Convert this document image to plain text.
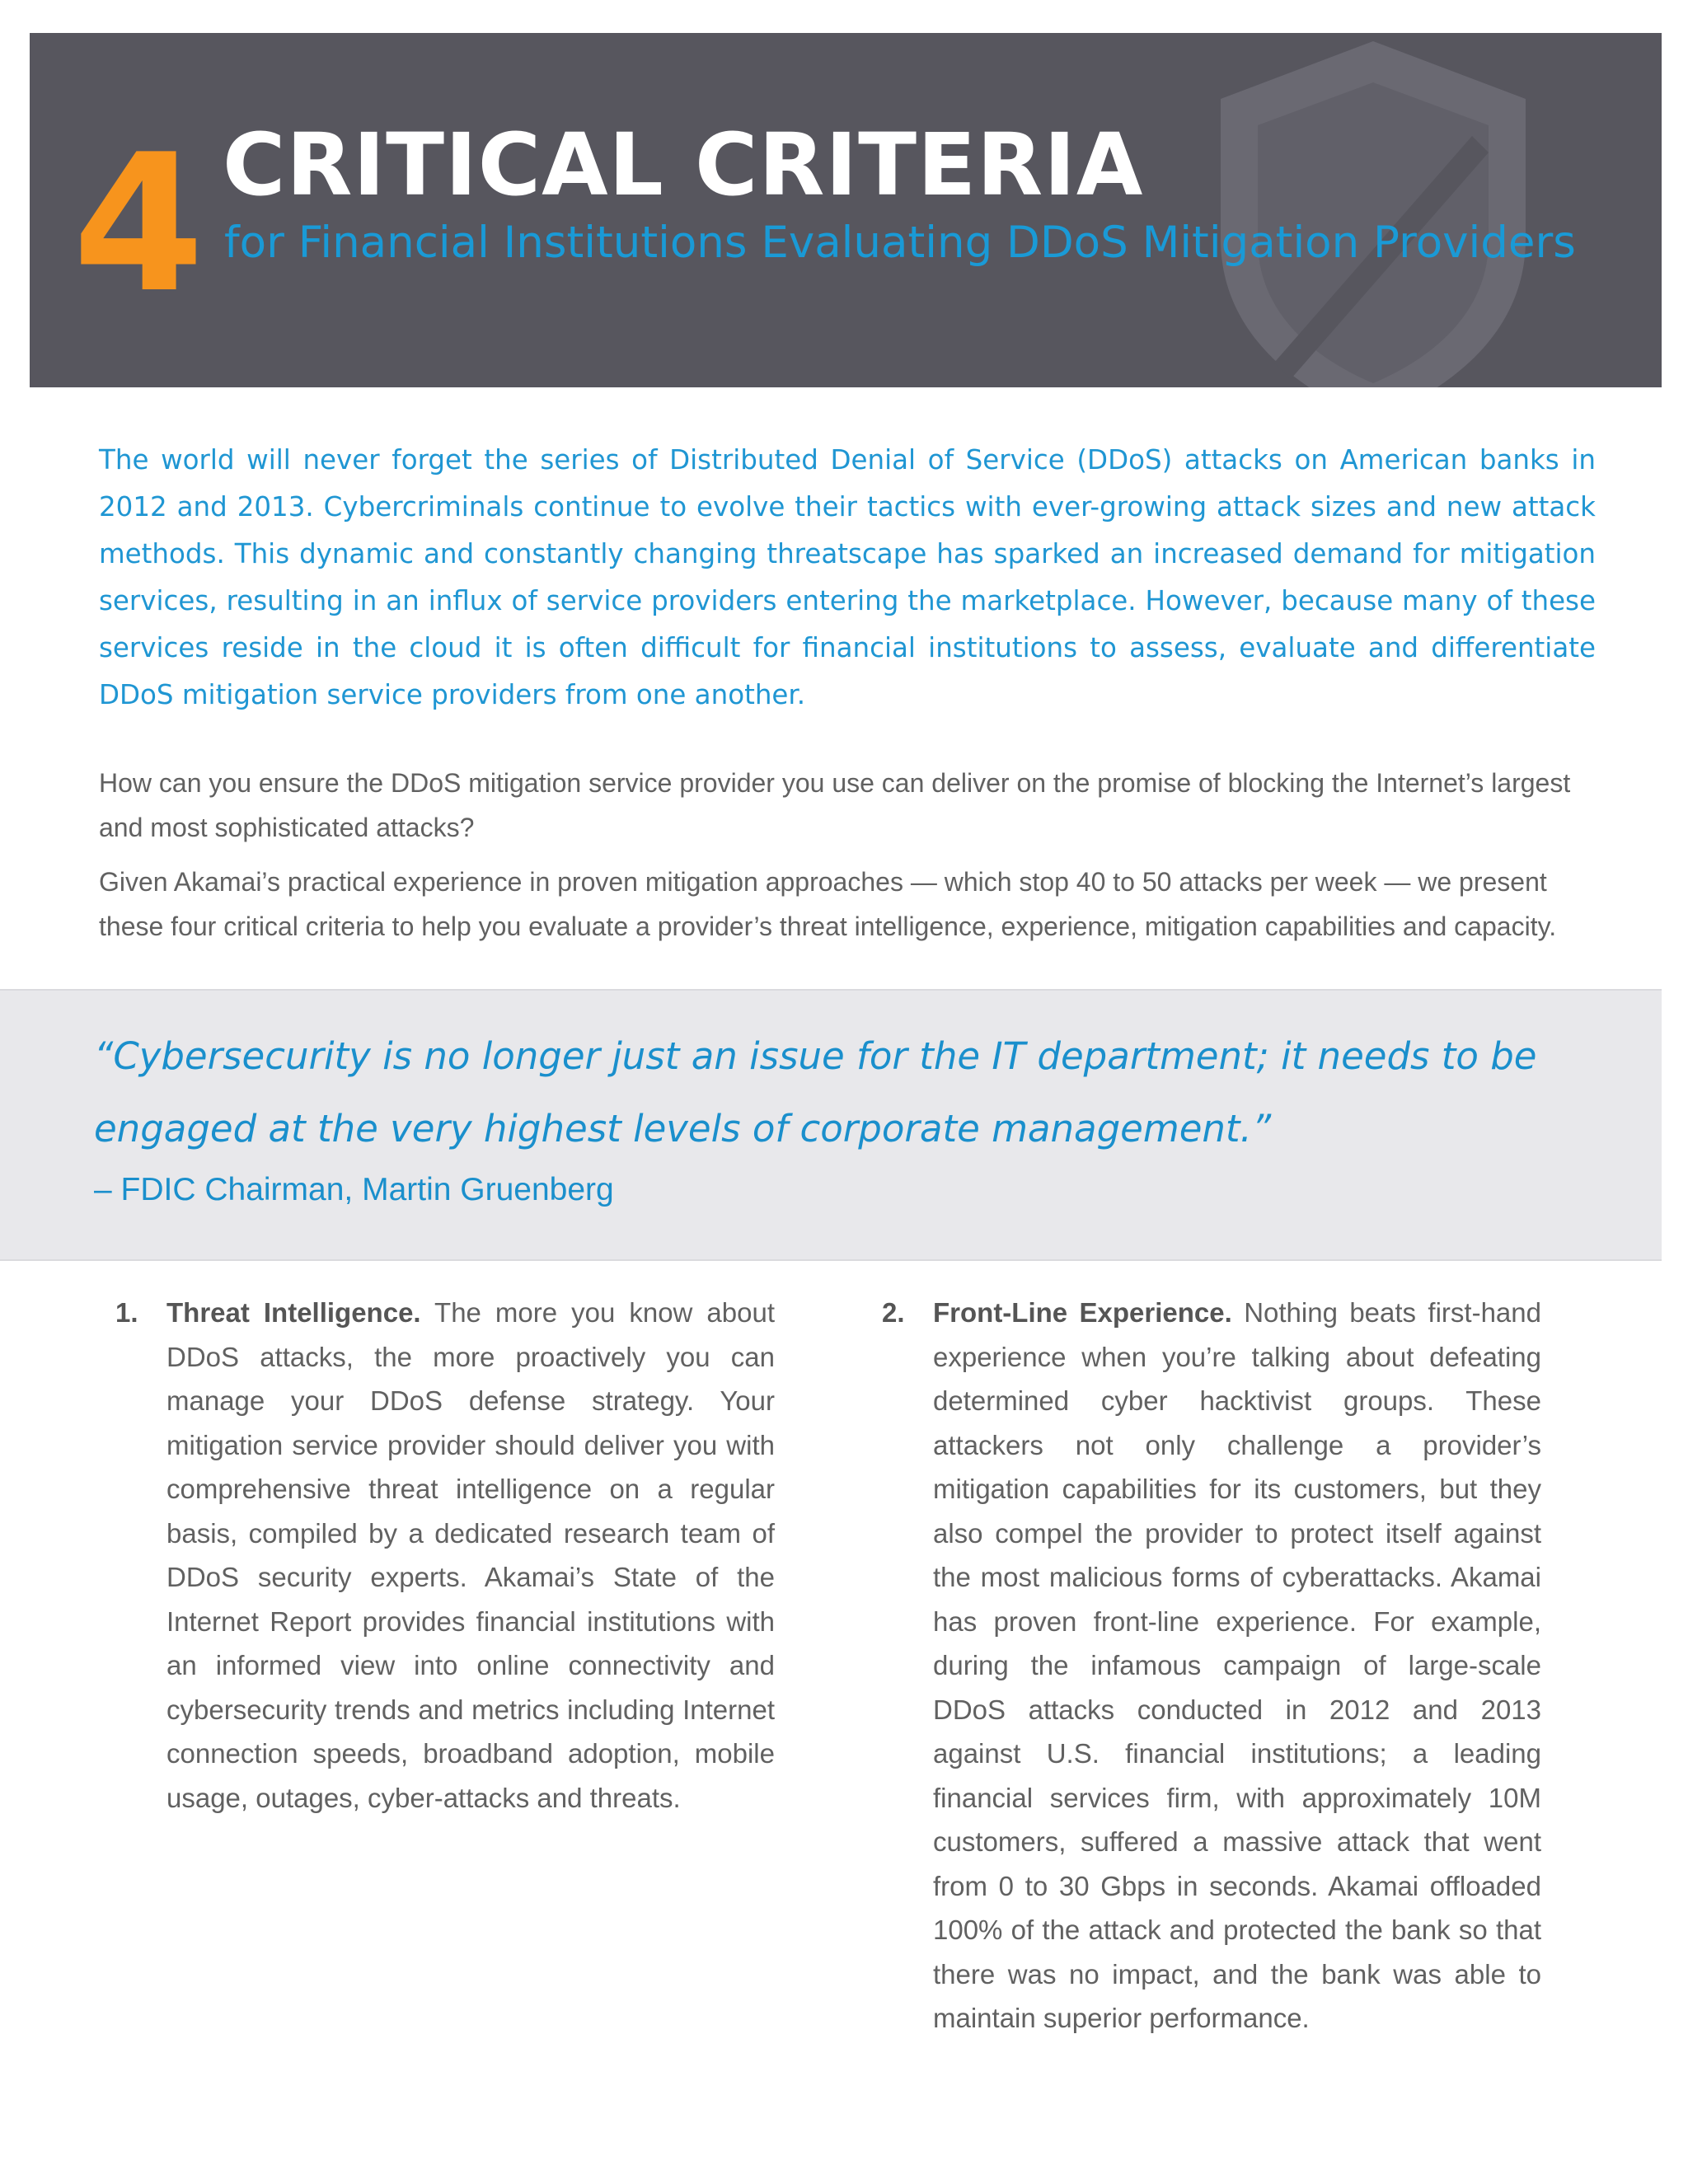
4 CRITICAL CRITERIA
for Financial Institutions Evaluating DDoS Mitigation Providers

The world will never forget the series of Distributed Denial of Service (DDoS) attacks on American banks in 2012 and 2013. Cybercriminals continue to evolve their tactics with ever-growing attack sizes and new attack methods. This dynamic and constantly changing threatscape has sparked an increased demand for mitigation services, resulting in an influx of service providers entering the marketplace. However, because many of these services reside in the cloud it is often difficult for financial institutions to assess, evaluate and differentiate DDoS mitigation service providers from one another.

How can you ensure the DDoS mitigation service provider you use can deliver on the promise of blocking the Internet’s largest and most sophisticated attacks?

Given Akamai’s practical experience in proven mitigation approaches — which stop 40 to 50 attacks per week — we present these four critical criteria to help you evaluate a provider’s threat intelligence, experience, mitigation capabilities and capacity.

“Cybersecurity is no longer just an issue for the IT department; it needs to be engaged at the very highest levels of corporate management.”

– FDIC Chairman, Martin Gruenberg
1. Threat Intelligence. The more you know about DDoS attacks, the more proactively you can manage your DDoS defense strategy. Your mitigation service provider should deliver you with comprehensive threat intelligence on a regular basis, compiled by a dedicated research team of DDoS security experts. Akamai’s State of the Internet Report provides financial institutions with an informed view into online connectivity and cybersecurity trends and metrics including Internet connection speeds, broadband adoption, mobile usage, outages, cyber-attacks and threats.

2. Front-Line Experience. Nothing beats first-hand experience when you’re talking about defeating determined cyber hacktivist groups. These attackers not only challenge a provider’s mitigation capabilities for its customers, but they also compel the provider to protect itself against the most malicious forms of cyberattacks. Akamai has proven front-line experience. For example, during the infamous campaign of large-scale DDoS attacks conducted in 2012 and 2013 against U.S. financial institutions; a leading financial services firm, with approximately 10M customers, suffered a massive attack that went from 0 to 30 Gbps in seconds. Akamai offloaded 100% of the attack and protected the bank so that there was no impact, and the bank was able to maintain superior performance.
